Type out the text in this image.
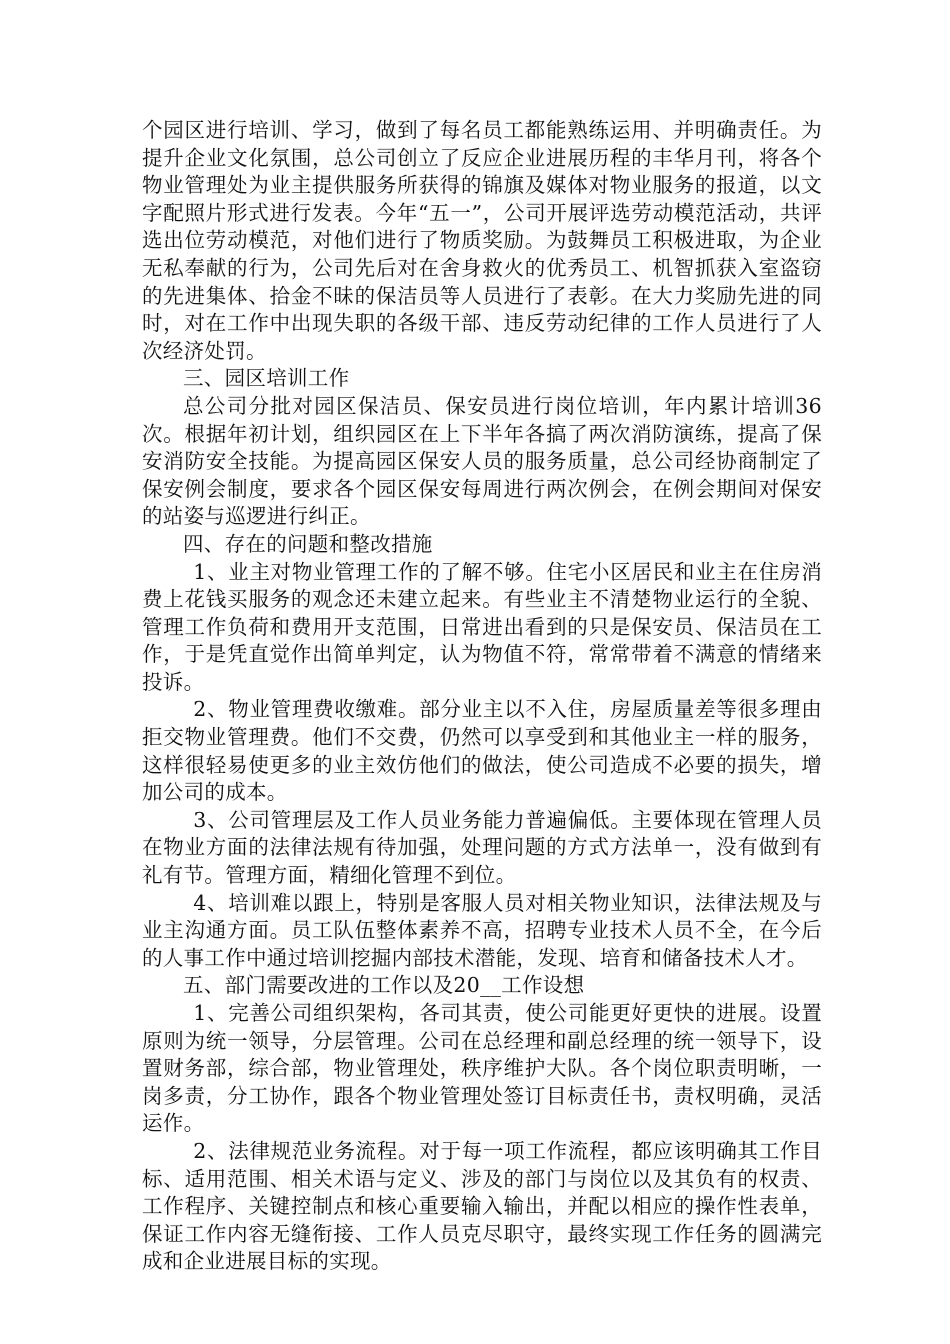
个园区进行培训、学习，做到了每名员工都能熟练运用、并明确责任。为提升企业文化氛围，总公司创立了反应企业进展历程的丰华月刊，将各个物业管理处为业主提供服务所获得的锦旗及媒体对物业服务的报道，以文字配照片形式进行发表。今年“五一”，公司开展评选劳动模范活动，共评选出位劳动模范，对他们进行了物质奖励。为鼓舞员工积极进取，为企业无私奉献的行为，公司先后对在舍身救火的优秀员工、机智抓获入室盗窃的先进集体、拾金不昧的保洁员等人员进行了表彰。在大力奖励先进的同时，对在工作中出现失职的各级干部、违反劳动纪律的工作人员进行了人次经济处罚。

三、园区培训工作

总公司分批对园区保洁员、保安员进行岗位培训，年内累计培训36次。根据年初计划，组织园区在上下半年各搞了两次消防演练，提高了保安消防安全技能。为提高园区保安人员的服务质量，总公司经协商制定了保安例会制度，要求各个园区保安每周进行两次例会，在例会期间对保安的站姿与巡逻进行纠正。

四、存在的问题和整改措施

1、业主对物业管理工作的了解不够。住宅小区居民和业主在住房消费上花钱买服务的观念还未建立起来。有些业主不清楚物业运行的全貌、管理工作负荷和费用开支范围，日常进出看到的只是保安员、保洁员在工作，于是凭直觉作出简单判定，认为物值不符，常常带着不满意的情绪来投诉。

2、物业管理费收缴难。部分业主以不入住，房屋质量差等很多理由拒交物业管理费。他们不交费，仍然可以享受到和其他业主一样的服务，这样很轻易使更多的业主效仿他们的做法，使公司造成不必要的损失，增加公司的成本。

3、公司管理层及工作人员业务能力普遍偏低。主要体现在管理人员在物业方面的法律法规有待加强，处理问题的方式方法单一，没有做到有礼有节。管理方面，精细化管理不到位。

4、培训难以跟上，特别是客服人员对相关物业知识，法律法规及与业主沟通方面。员工队伍整体素养不高，招聘专业技术人员不全，在今后的人事工作中通过培训挖掘内部技术潜能，发现、培育和储备技术人才。

五、部门需要改进的工作以及20__工作设想

1、完善公司组织架构，各司其责，使公司能更好更快的进展。设置原则为统一领导，分层管理。公司在总经理和副总经理的统一领导下，设置财务部，综合部，物业管理处，秩序维护大队。各个岗位职责明晰，一岗多责，分工协作，跟各个物业管理处签订目标责任书，责权明确，灵活运作。

2、法律规范业务流程。对于每一项工作流程，都应该明确其工作目标、适用范围、相关术语与定义、涉及的部门与岗位以及其负有的权责、工作程序、关键控制点和核心重要输入输出，并配以相应的操作性表单，保证工作内容无缝衔接、工作人员克尽职守，最终实现工作任务的圆满完成和企业进展目标的实现。
